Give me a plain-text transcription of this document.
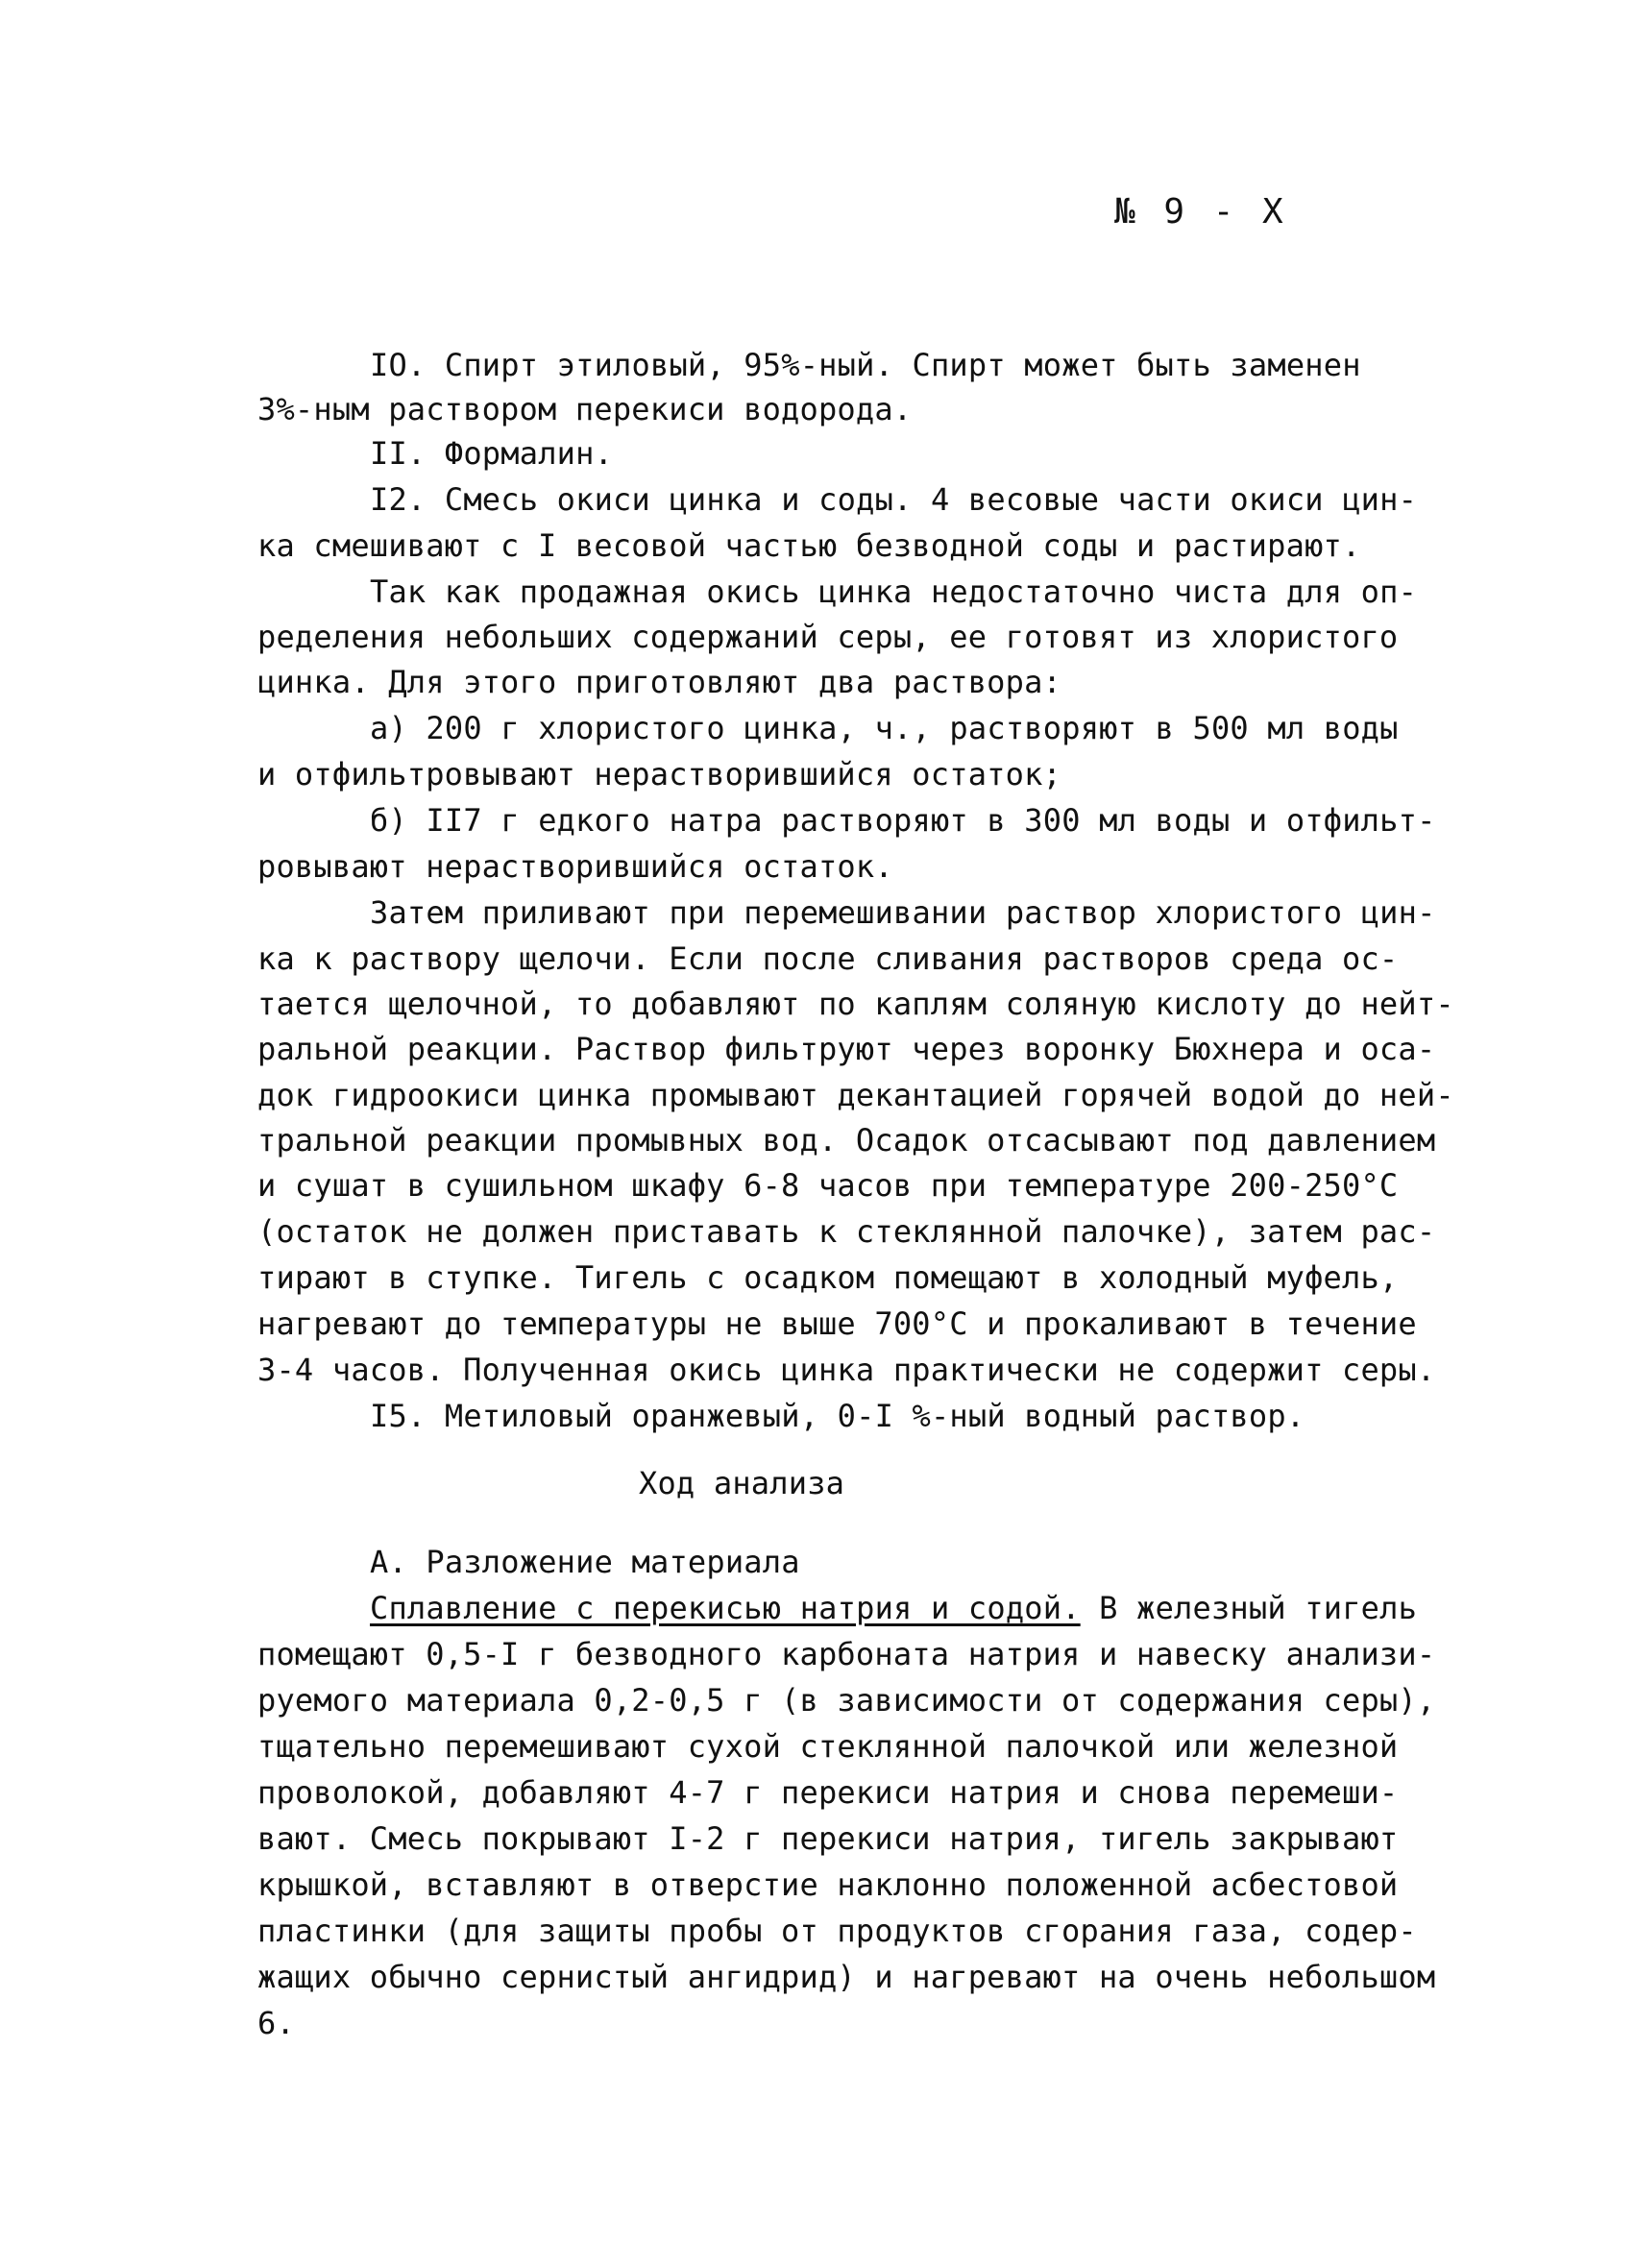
№ 9 - X
IO. Спирт этиловый, 95%-ный. Спирт может быть заменен
3%-ным раствором перекиси водорода.
II. Формалин.
I2. Смесь окиси цинка и соды. 4 весовые части окиси цин-
ка смешивают с I весовой частью безводной соды и растирают.
Так как продажная окись цинка недостаточно чиста для оп-
ределения небольших содержаний серы, ее готовят из хлористого
цинка. Для этого приготовляют два раствора:
а) 200 г хлористого цинка, ч., растворяют в 500 мл воды
и отфильтровывают нерастворившийся остаток;
б) II7 г едкого натра растворяют в 300 мл воды и отфильт-
ровывают нерастворившийся остаток.
Затем приливают при перемешивании раствор хлористого цин-
ка к раствору щелочи. Если после сливания растворов среда ос-
тается щелочной, то добавляют по каплям соляную кислоту до нейт-
ральной реакции. Раствор фильтруют через воронку Бюхнера и оса-
док гидроокиси цинка промывают декантацией горячей водой до ней-
тральной реакции промывных вод. Осадок отсасывают под давлением
и сушат в сушильном шкафу 6-8 часов при температуре 200-250°С
(остаток не должен приставать к стеклянной палочке), затем рас-
тирают в ступке. Тигель с осадком помещают в холодный муфель,
нагревают до температуры не выше 700°С и прокаливают в течение
3-4 часов. Полученная окись цинка практически не содержит серы.
I5. Метиловый оранжевый, 0-I %-ный водный раствор.
Ход анализа
А. Разложение материала
Сплавление с перекисью натрия и содой. В железный тигель
помещают 0,5-I г безводного карбоната натрия и навеску анализи-
руемого материала 0,2-0,5 г (в зависимости от содержания серы),
тщательно перемешивают сухой стеклянной палочкой или железной
проволокой, добавляют 4-7 г перекиси натрия и снова перемеши-
вают. Смесь покрывают I-2 г перекиси натрия, тигель закрывают
крышкой, вставляют в отверстие наклонно положенной асбестовой
пластинки (для защиты пробы от продуктов сгорания газа, содер-
жащих обычно сернистый ангидрид) и нагревают на очень небольшом
6.
